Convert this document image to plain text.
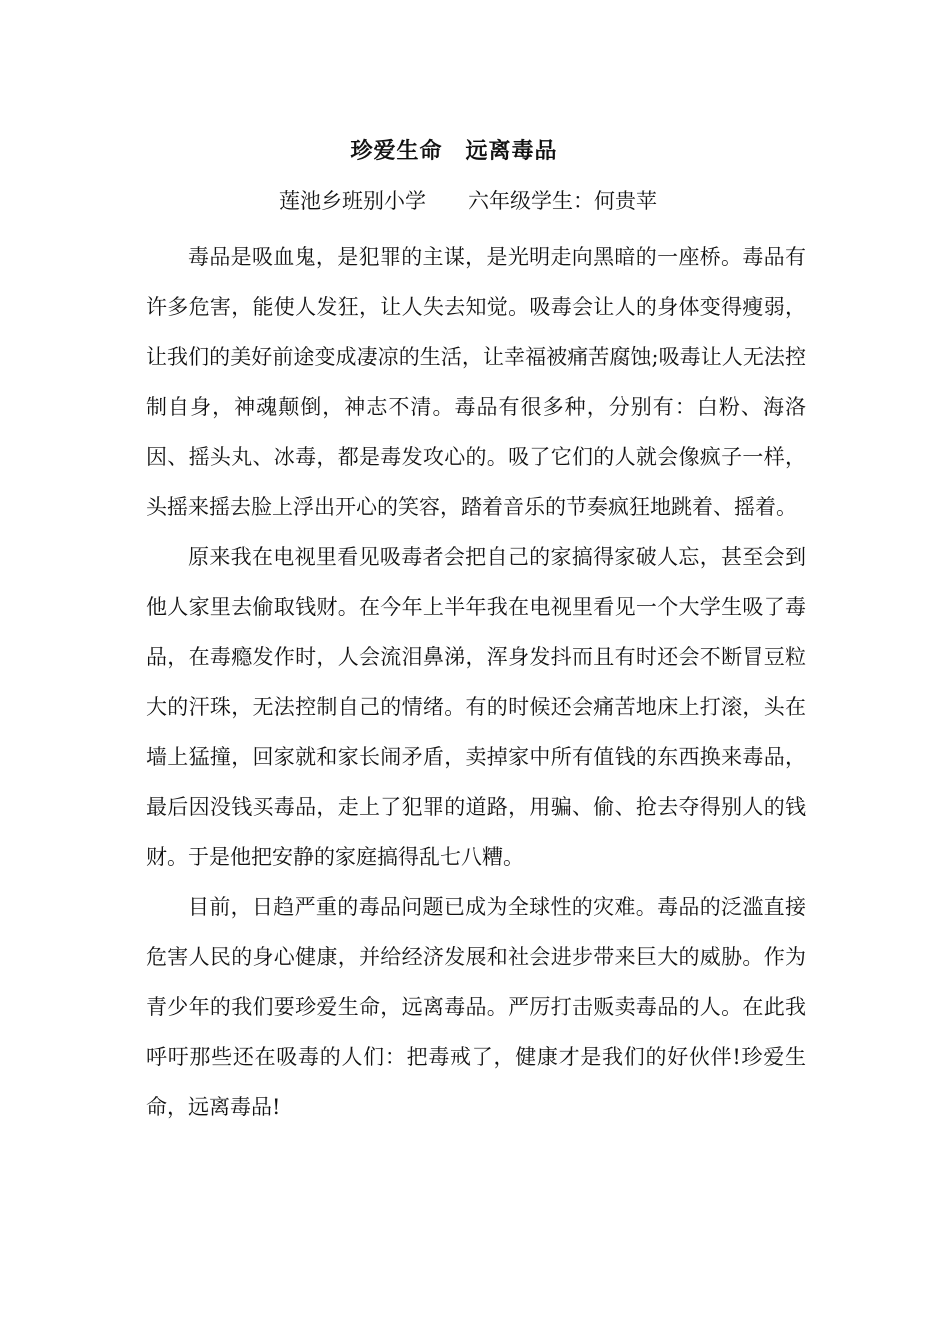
珍爱生命　远离毒品
莲池乡班别小学　　六年级学生：何贵苹

毒品是吸血鬼，是犯罪的主谋，是光明走向黑暗的一座桥。毒品有许多危害，能使人发狂，让人失去知觉。吸毒会让人的身体变得瘦弱，让我们的美好前途变成凄凉的生活，让幸福被痛苦腐蚀;吸毒让人无法控制自身，神魂颠倒，神志不清。毒品有很多种，分别有：白粉、海洛因、摇头丸、冰毒，都是毒发攻心的。吸了它们的人就会像疯子一样，头摇来摇去脸上浮出开心的笑容，踏着音乐的节奏疯狂地跳着、摇着。

原来我在电视里看见吸毒者会把自己的家搞得家破人忘，甚至会到他人家里去偷取钱财。在今年上半年我在电视里看见一个大学生吸了毒品，在毒瘾发作时，人会流泪鼻涕，浑身发抖而且有时还会不断冒豆粒大的汗珠，无法控制自己的情绪。有的时候还会痛苦地床上打滚，头在墙上猛撞，回家就和家长闹矛盾，卖掉家中所有值钱的东西换来毒品，最后因没钱买毒品，走上了犯罪的道路，用骗、偷、抢去夺得别人的钱财。于是他把安静的家庭搞得乱七八糟。

目前，日趋严重的毒品问题已成为全球性的灾难。毒品的泛滥直接危害人民的身心健康，并给经济发展和社会进步带来巨大的威胁。作为青少年的我们要珍爱生命，远离毒品。严厉打击贩卖毒品的人。在此我呼吁那些还在吸毒的人们：把毒戒了，健康才是我们的好伙伴!珍爱生命，远离毒品!
